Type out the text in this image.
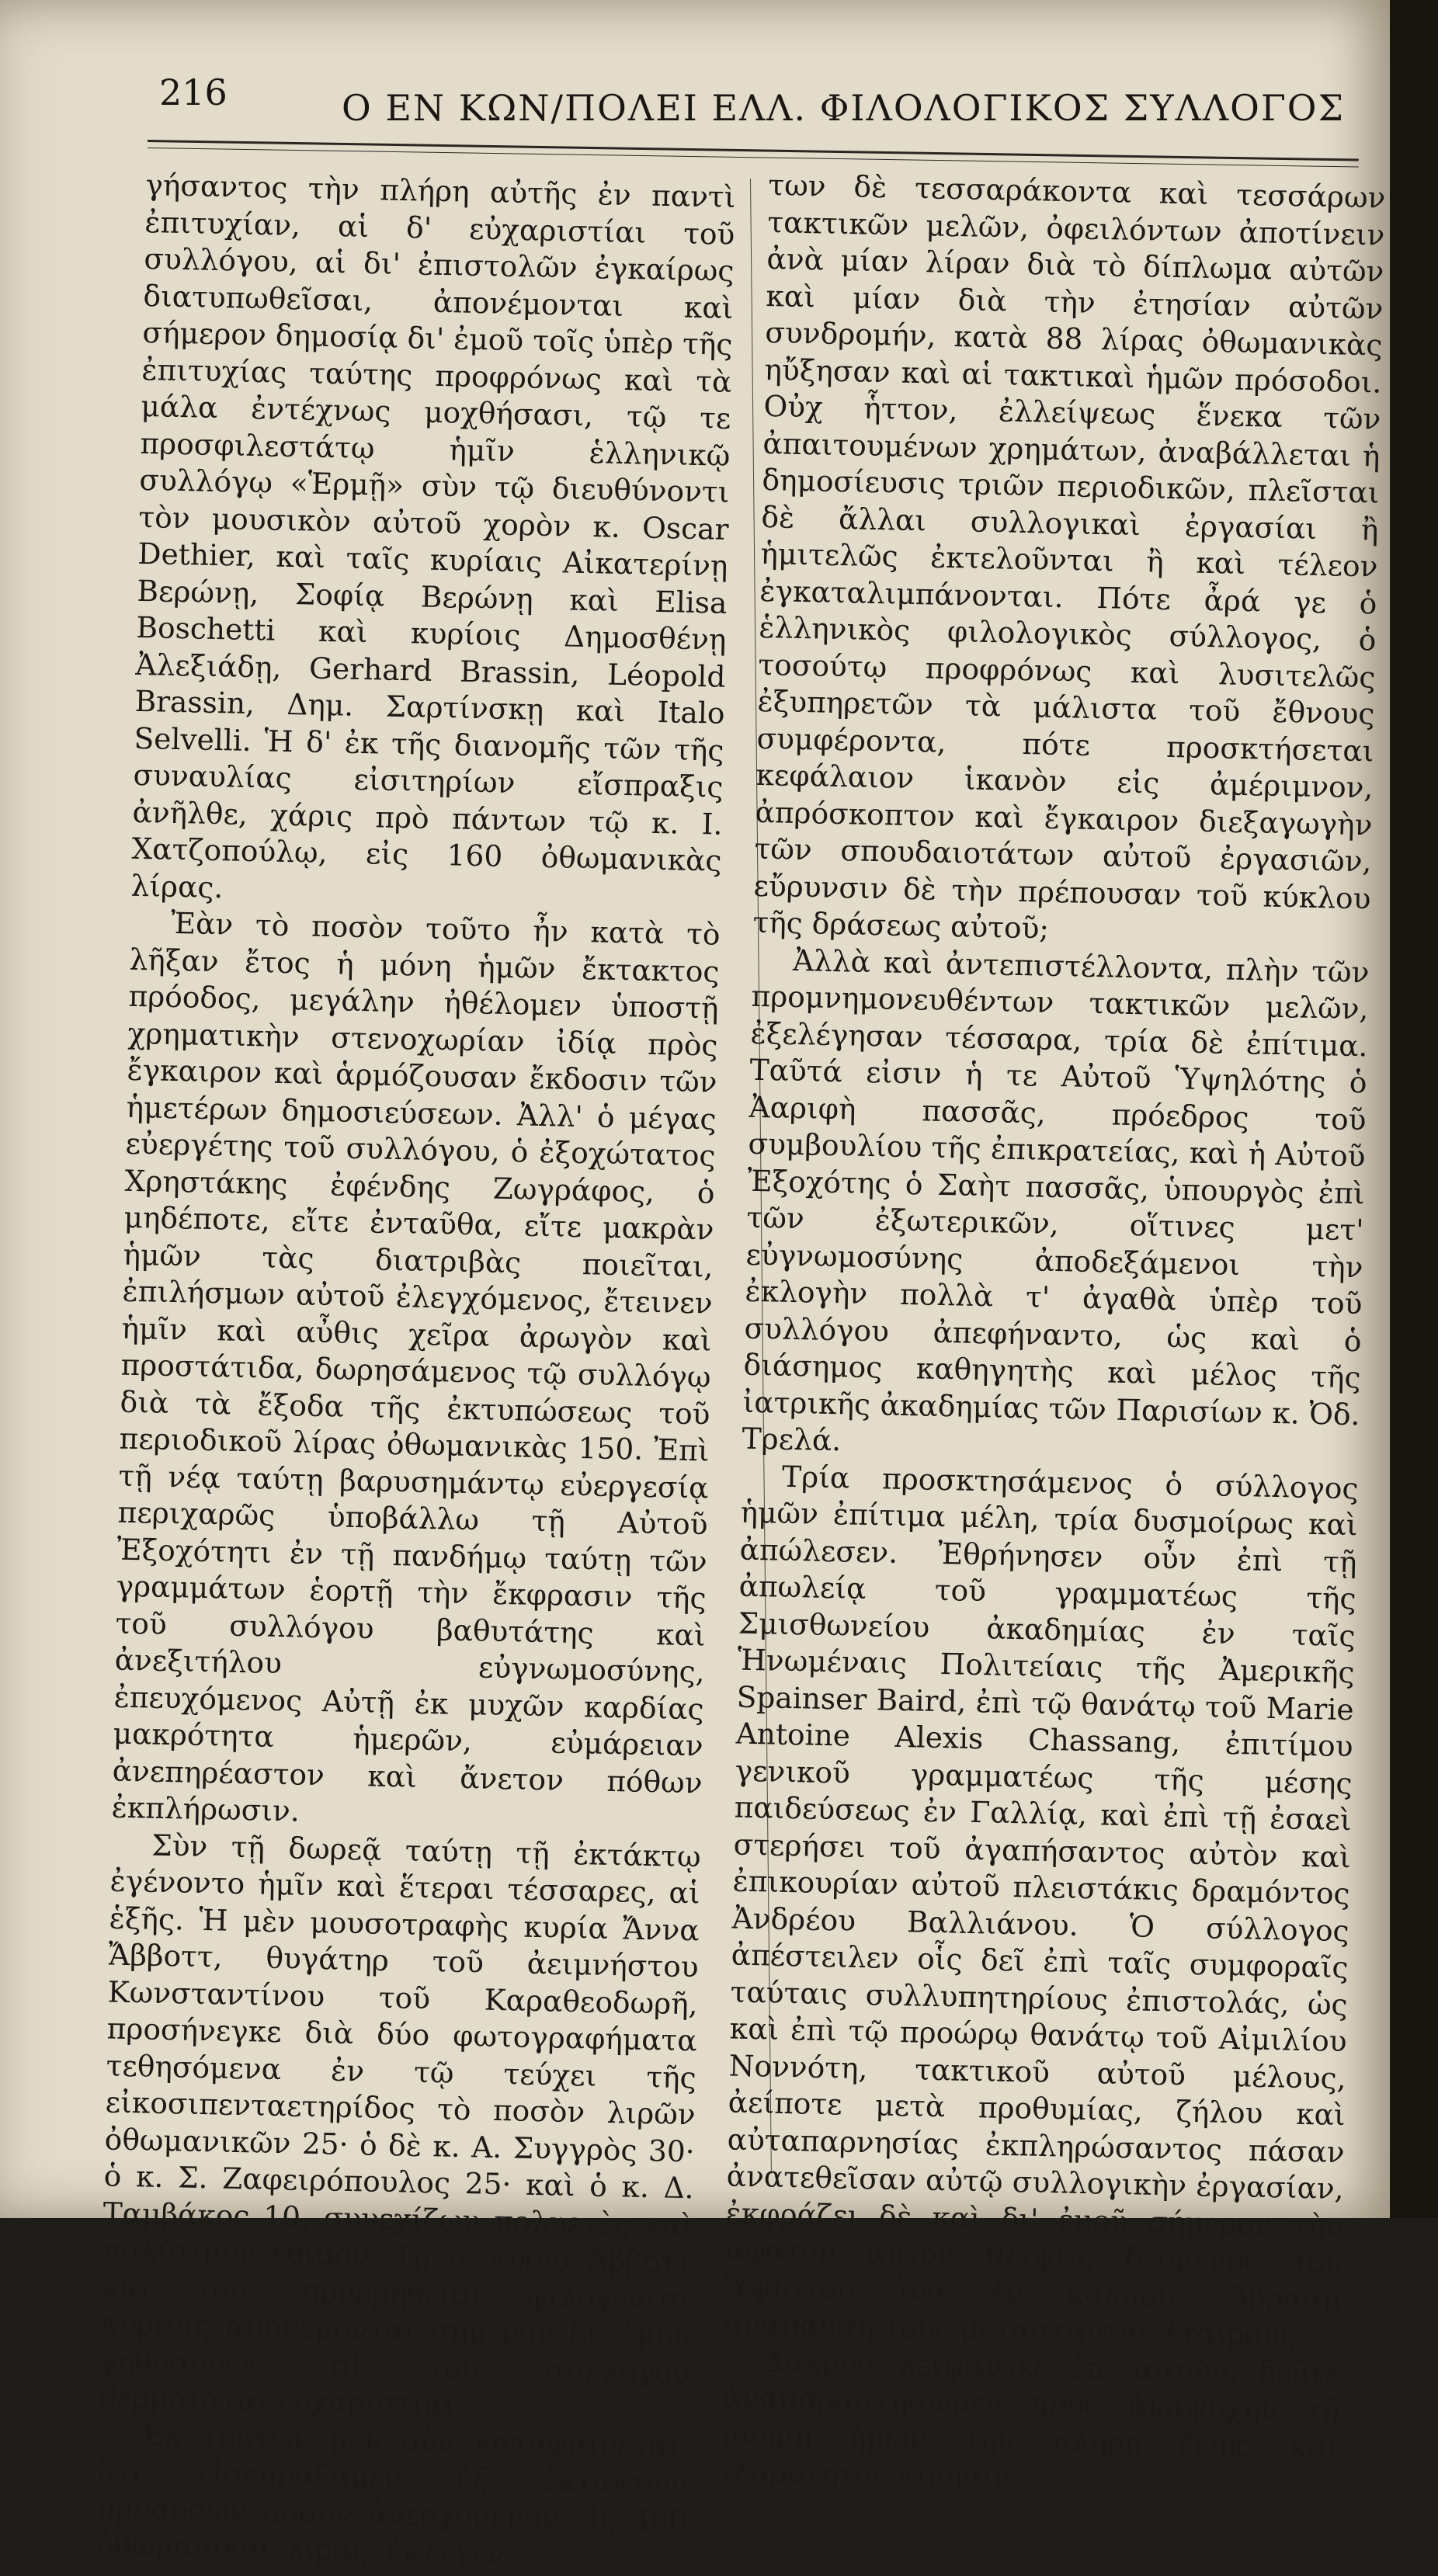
216	Ο ΕΝ ΚΩΝ/ΠΟΛΕΙ ΕΛΛ. ΦΙΛΟΛΟΓΙΚΟΣ ΣΥΛΛΟΓΟΣ

γήσαντος τὴν πλήρη αὐτῆς ἐν παντὶ ἐπιτυχίαν, αἱ δ' εὐχαριστίαι τοῦ συλλόγου, αἱ δι' ἐπιστολῶν ἐγκαίρως διατυπωθεῖσαι, ἀπονέμονται καὶ σήμερον δημοσίᾳ δι' ἐμοῦ τοῖς ὑπὲρ τῆς ἐπιτυχίας ταύτης προφρόνως καὶ τὰ μάλα ἐντέχνως μοχθήσασι, τῷ τε προσφιλεστάτῳ ἡμῖν ἑλληνικῷ συλλόγῳ «Ἑρμῇ» σὺν τῷ διευθύνοντι τὸν μουσικὸν αὐτοῦ χορὸν κ. Oscar Dethier, καὶ ταῖς κυρίαις Αἰκατερίνῃ Βερώνῃ, Σοφίᾳ Βερώνῃ καὶ Elisa Boschetti καὶ κυρίοις Δημοσθένῃ Ἀλεξιάδῃ, Gerhard Brassin, Léopold Brassin, Δημ. Σαρτίνσκῃ καὶ Italo Selvelli. Ἡ δ' ἐκ τῆς διανομῆς τῶν τῆς συναυλίας εἰσιτηρίων εἴσπραξις ἀνῆλθε, χάρις πρὸ πάντων τῷ κ. Ι. Χατζοπούλῳ, εἰς 160 ὀθωμανικὰς λίρας.

Ἐὰν τὸ ποσὸν τοῦτο ἦν κατὰ τὸ λῆξαν ἔτος ἡ μόνη ἡμῶν ἔκτακτος πρόοδος, μεγάλην ἠθέλομεν ὑποστῇ χρηματικὴν στενοχωρίαν ἰδίᾳ πρὸς ἔγκαιρον καὶ ἁρμόζουσαν ἔκδοσιν τῶν ἡμετέρων δημοσιεύσεων. Ἀλλ' ὁ μέγας εὐεργέτης τοῦ συλλόγου, ὁ ἐξοχώτατος Χρηστάκης ἐφένδης Ζωγράφος, ὁ μηδέποτε, εἴτε ἐνταῦθα, εἴτε μακρὰν ἡμῶν τὰς διατριβὰς ποιεῖται, ἐπιλήσμων αὐτοῦ ἐλεγχόμενος, ἔτεινεν ἡμῖν καὶ αὖθις χεῖρα ἀρωγὸν καὶ προστάτιδα, δωρησάμενος τῷ συλλόγῳ διὰ τὰ ἔξοδα τῆς ἐκτυπώσεως τοῦ περιοδικοῦ λίρας ὀθωμανικὰς 150. Ἐπὶ τῇ νέᾳ ταύτῃ βαρυσημάντῳ εὐεργεσίᾳ περιχαρῶς ὑποβάλλω τῇ Αὐτοῦ Ἐξοχότητι ἐν τῇ πανδήμῳ ταύτῃ τῶν γραμμάτων ἑορτῇ τὴν ἔκφρασιν τῆς τοῦ συλλόγου βαθυτάτης καὶ ἀνεξιτήλου εὐγνωμοσύνης, ἐπευχόμενος Αὐτῇ ἐκ μυχῶν καρδίας μακρότητα ἡμερῶν, εὐμάρειαν ἀνεπηρέαστον καὶ ἄνετον πόθων ἐκπλήρωσιν.

Σὺν τῇ δωρεᾷ ταύτῃ τῇ ἐκτάκτῳ ἐγένοντο ἡμῖν καὶ ἕτεραι τέσσαρες, αἱ ἑξῆς. Ἡ μὲν μουσοτραφὴς κυρία Ἄννα Ἄββοττ, θυγάτηρ τοῦ ἀειμνήστου Κωνσταντίνου τοῦ Καραθεοδωρῆ, προσήνεγκε διὰ δύο φωτογραφήματα τεθησόμενα ἐν τῷ τεύχει τῆς εἰκοσιπενταετηρίδος τὸ ποσὸν λιρῶν ὀθωμανικῶν 25· ὁ δὲ κ. Α. Συγγρὸς 30· ὁ κ. Σ. Ζαφειρόπουλος 25· καὶ ὁ κ. Δ. Ταμβάκος 10, συνεχίζων πολυετὲς καὶ πολύτιμον ἔθιμον. Τῇ τε κυρίᾳ Ἄββοττ καὶ τοῖς προρρηθεῖσι φιλογενέσι κυρίοις ἀπονέμονται σήμερον δι' ἐμοῦ γηθοσύνως αἱ τοῦ συλλόγου θερμόταται εὐχαριστίαι.

Ἐκ τούτων μὲν οὖν καταφαίνεται, ὅτι εἰσεπράξαμεν ἐξ ἐκτάκτων προσόδων ποσὸν ἀνερχόμενον εἰς 400 ὀθωμανικὰς λίρας· ἐκλεγέν-

των δὲ τεσσαράκοντα καὶ τεσσάρων τακτικῶν μελῶν, ὀφειλόντων ἀποτίνειν ἀνὰ μίαν λίραν διὰ τὸ δίπλωμα αὐτῶν καὶ μίαν διὰ τὴν ἐτησίαν αὐτῶν συνδρομήν, κατὰ 88 λίρας ὀθωμανικὰς ηὔξησαν καὶ αἱ τακτικαὶ ἡμῶν πρόσοδοι. Οὐχ ἧττον, ἐλλείψεως ἕνεκα τῶν ἀπαιτουμένων χρημάτων, ἀναβάλλεται ἡ δημοσίευσις τριῶν περιοδικῶν, πλεῖσται δὲ ἄλλαι συλλογικαὶ ἐργασίαι ἢ ἡμιτελῶς ἐκτελοῦνται ἢ καὶ τέλεον ἐγκαταλιμπάνονται. Πότε ἆρά γε ὁ ἑλληνικὸς φιλολογικὸς σύλλογος, ὁ τοσούτῳ προφρόνως καὶ λυσιτελῶς ἐξυπηρετῶν τὰ μάλιστα τοῦ ἔθνους συμφέροντα, πότε προσκτήσεται κεφάλαιον ἱκανὸν εἰς ἀμέριμνον, ἀπρόσκοπτον καὶ ἔγκαιρον διεξαγωγὴν τῶν σπουδαιοτάτων αὐτοῦ ἐργασιῶν, εὔρυνσιν δὲ τὴν πρέπουσαν τοῦ κύκλου τῆς δράσεως αὐτοῦ;

Ἀλλὰ καὶ ἀντεπιστέλλοντα, πλὴν τῶν προμνημονευθέντων τακτικῶν μελῶν, ἐξελέγησαν τέσσαρα, τρία δὲ ἐπίτιμα. Ταῦτά εἰσιν ἡ τε Αὐτοῦ Ὑψηλότης ὁ Ἀαριφὴ πασσᾶς, πρόεδρος τοῦ συμβουλίου τῆς ἐπικρατείας, καὶ ἡ Αὐτοῦ Ἐξοχότης ὁ Σαὴτ πασσᾶς, ὑπουργὸς ἐπὶ τῶν ἐξωτερικῶν, οἵτινες μετ' εὐγνωμοσύνης ἀποδεξάμενοι τὴν ἐκλογὴν πολλὰ τ' ἀγαθὰ ὑπὲρ τοῦ συλλόγου ἀπεφήναντο, ὡς καὶ ὁ διάσημος καθηγητὴς καὶ μέλος τῆς ἰατρικῆς ἀκαδημίας τῶν Παρισίων κ. Ὀδ. Τρελά.

Τρία προσκτησάμενος ὁ σύλλογος ἡμῶν ἐπίτιμα μέλη, τρία δυσμοίρως καὶ ἀπώλεσεν. Ἐθρήνησεν οὖν ἐπὶ τῇ ἀπωλείᾳ τοῦ γραμματέως τῆς Σμισθωνείου ἀκαδημίας ἐν ταῖς Ἡνωμέναις Πολιτείαις τῆς Ἀμερικῆς Spainser Baird, ἐπὶ τῷ θανάτῳ τοῦ Marie Antoine Alexis Chassang, ἐπιτίμου γενικοῦ γραμματέως τῆς μέσης παιδεύσεως ἐν Γαλλίᾳ, καὶ ἐπὶ τῇ ἐσαεὶ στερήσει τοῦ ἀγαπήσαντος αὐτὸν καὶ ἐπικουρίαν αὐτοῦ πλειστάκις δραμόντος Ἀνδρέου Βαλλιάνου. Ὁ σύλλογος ἀπέστειλεν οἷς δεῖ ἐπὶ ταῖς συμφοραῖς ταύταις συλλυπητηρίους ἐπιστολάς, ὡς καὶ ἐπὶ τῷ προώρῳ θανάτῳ τοῦ Αἰμιλίου Νοννότη, τακτικοῦ αὐτοῦ μέλους, ἀείποτε μετὰ προθυμίας, ζήλου καὶ αὐταπαρνησίας ἐκπληρώσαντος πάσαν ἀνατεθεῖσαν αὐτῷ συλλογικὴν ἐργασίαν, ἐκφράζει δὲ καὶ δι' ἐμοῦ σήμερον τὴν ἄφατον αὐτοῦ θλῖψιν, δεόμενος τοῦ Ὑψίστου ἵνα ἐν κόλποις Ἀβραὰμ ἀναπαύσῃ τοὺς μεταστάντας ἑταίρους.

Δάκρυα λείψαντες ἐπ' αὐτῶν, δεῦτε ἀναπαραστήσωμεν πρὸς ἀναψυχὴν τῇ μνήμῃ ἡμῶν τὴν πλήρη ζωῆς καὶ ἱλαρότητος κίνησιν,
